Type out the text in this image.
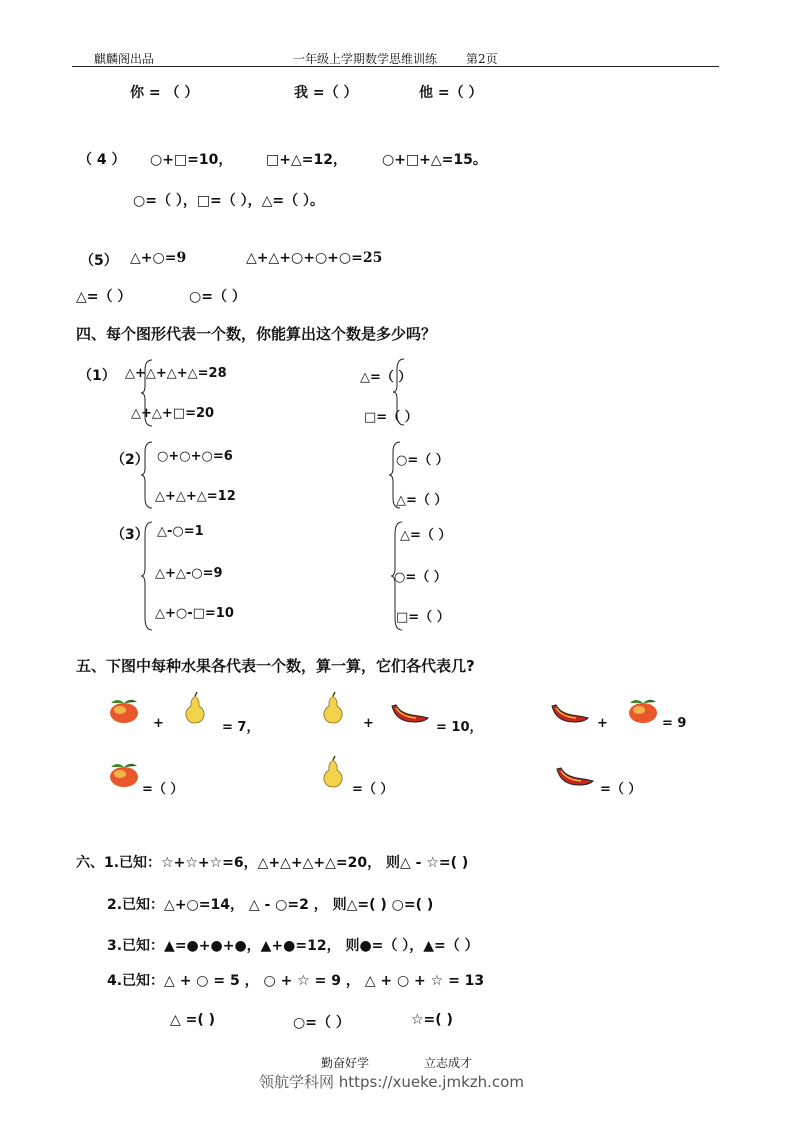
麒麟阁出品	一年级上学期数学思维训练 第2页
你 = （ ）	我 =（ ）	他 =（ ）
（ 4 ） ○+□=10， □+△=12，	○+□+△=15。
○=（ ），□=（ ），△=（ ）。
（5） △+○=9	△+△+○+○+○=25
△=（ ）	○=（ ）
四、每个图形代表一个数，你能算出这个数是多少吗？
（1） △+△+△+△=28
△+△+□=20
△=（ ）
□=（ ）
（2） ○+○+○=6
△+△+△=12
○=（ ）
△=（ ）
（3） △-○=1
△+△-○=9
△+○-□=10
△=（ ）
○=（ ）
□=（ ）
五、下图中每种水果各代表一个数，算一算，它们各代表几?
+	= 7，	+	= 10，	+	= 9
=（ ）	=（ ）	=（ ）
六、1.已知：☆+☆+☆=6，△+△+△+△=20， 则△ - ☆=( )
2.已知：△+○=14， △ - ○=2 ， 则△=( ) ○=( )
3.已知：▲=●+●+●，▲+●=12， 则●=（ ），▲=（ ）
4.已知：△ + ○ = 5 ， ○ + ☆ = 9 ， △ + ○ + ☆ = 13
△ =( )	○=（ ）	☆=( )
勤奋好学	立志成才
领航学科网 https://xueke.jmkzh.com
